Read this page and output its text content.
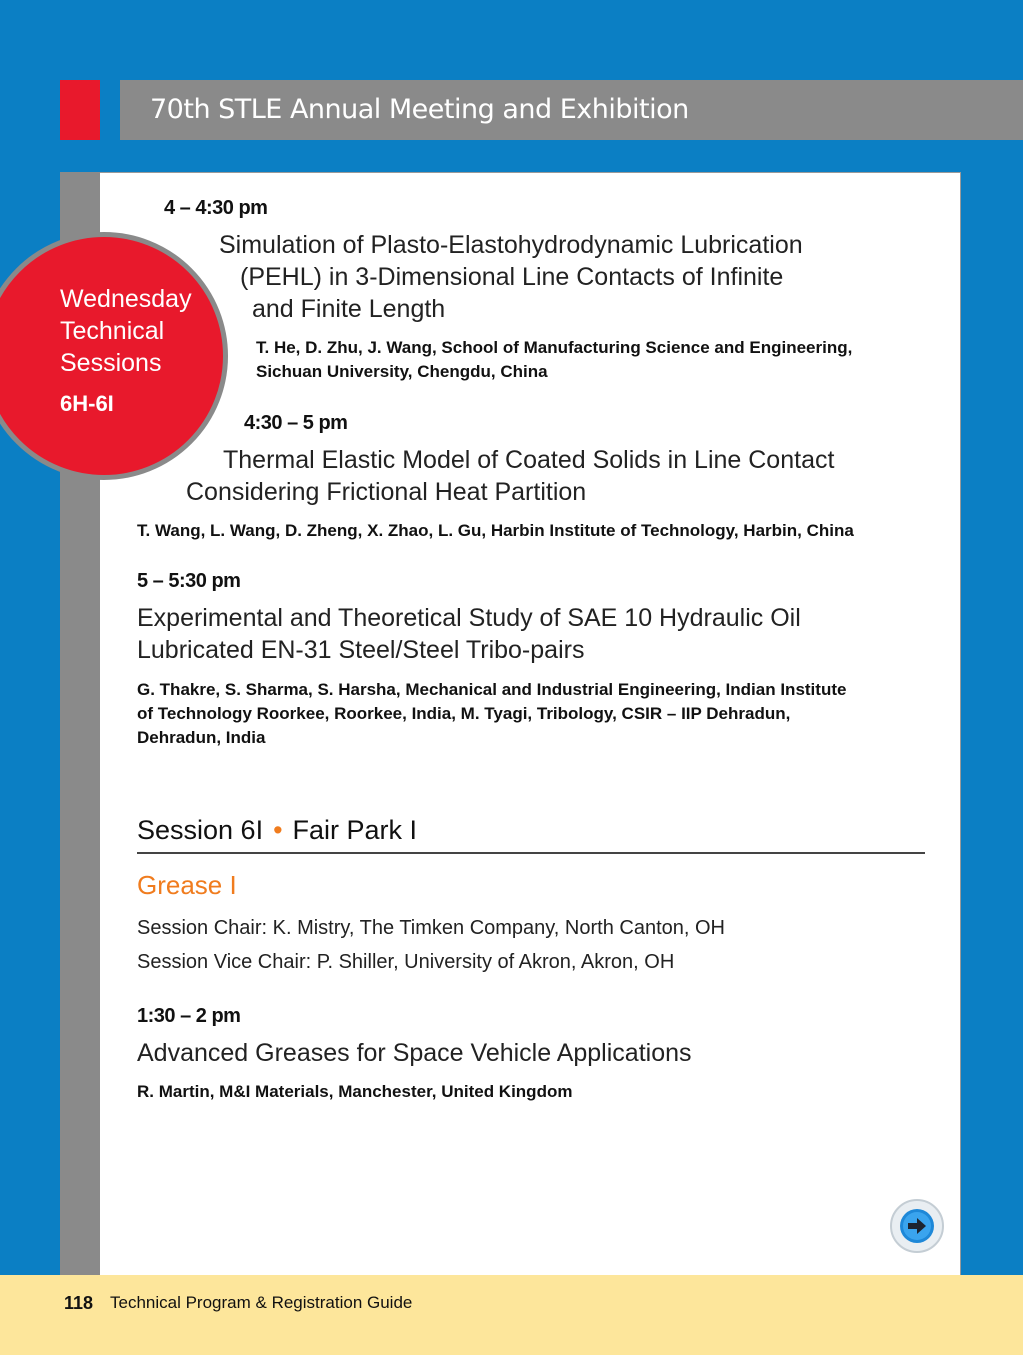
70th STLE Annual Meeting and Exhibition
4 – 4:30 pm

Simulation of Plasto-Elastohydrodynamic Lubrication

(PEHL) in 3-Dimensional Line Contacts of Infinite

and Finite Length

T. He, D. Zhu, J. Wang, School of Manufacturing Science and Engineering,

Sichuan University, Chengdu, China

4:30 – 5 pm

Thermal Elastic Model of Coated Solids in Line Contact

Considering Frictional Heat Partition

T. Wang, L. Wang, D. Zheng, X. Zhao, L. Gu, Harbin Institute of Technology, Harbin, China

5 – 5:30 pm

Experimental and Theoretical Study of SAE 10 Hydraulic Oil

Lubricated EN-31 Steel/Steel Tribo-pairs

G. Thakre, S. Sharma, S. Harsha, Mechanical and Industrial Engineering, Indian Institute

of Technology Roorkee, Roorkee, India, M. Tyagi, Tribology, CSIR – IIP Dehradun,

Dehradun, India

Session 6I • Fair Park I
Grease I
Session Chair: K. Mistry, The Timken Company, North Canton, OH
Session Vice Chair: P. Shiller, University of Akron, Akron, OH
1:30 – 2 pm

Advanced Greases for Space Vehicle Applications

R. Martin, M&I Materials, Manchester, United Kingdom

Wednesday
Technical
Sessions
6H-6I
118 Technical Program & Registration Guide
